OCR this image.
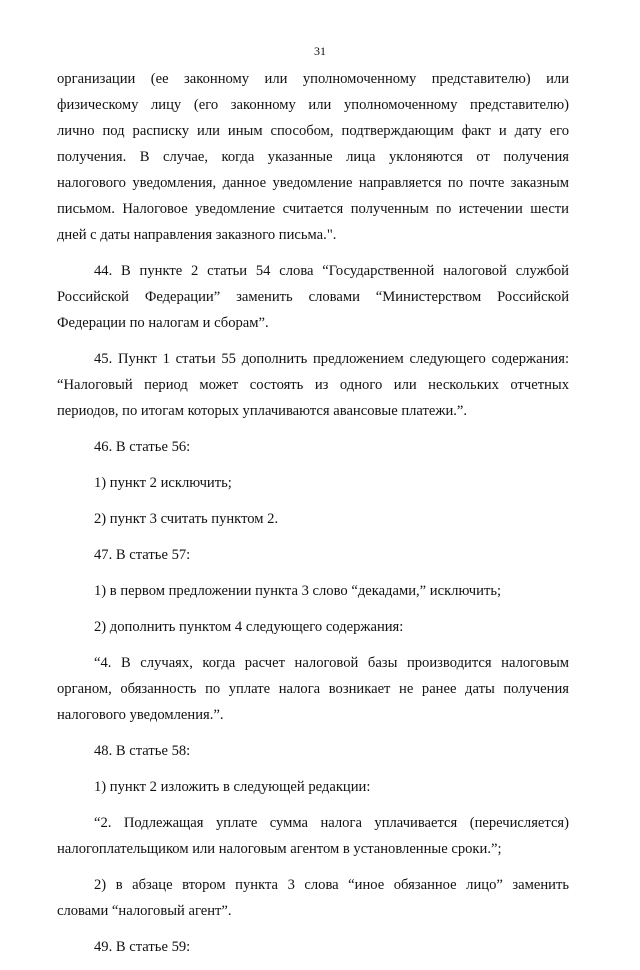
31
организации (ее законному или уполномоченному представителю) или
физическому лицу (его законному или уполномоченному представителю)
лично под расписку или иным способом, подтверждающим факт и дату его
получения. В случае, когда указанные лица уклоняются от получения
налогового уведомления, данное уведомление направляется по почте заказным
письмом. Налоговое уведомление считается полученным по истечении шести
дней с даты направления заказного письма.".
44. В пункте 2 статьи 54 слова “Государственной налоговой службой
Российской Федерации” заменить словами “Министерством Российской
Федерации по налогам и сборам”.
45. Пункт 1 статьи 55 дополнить предложением следующего содержания:
“Налоговый период может состоять из одного или нескольких отчетных
периодов, по итогам которых уплачиваются авансовые платежи.”.
46. В статье 56:
1) пункт 2 исключить;
2) пункт 3 считать пунктом 2.
47. В статье 57:
1) в первом предложении пункта 3 слово “декадами,” исключить;
2) дополнить пунктом 4 следующего содержания:
“4. В случаях, когда расчет налоговой базы производится налоговым
органом, обязанность по уплате налога возникает не ранее даты получения
налогового уведомления.”.
48. В статье 58:
1) пункт 2 изложить в следующей редакции:
“2. Подлежащая уплате сумма налога уплачивается (перечисляется)
налогоплательщиком или налоговым агентом в установленные сроки.”;
2) в абзаце втором пункта 3 слова “иное обязанное лицо” заменить
словами “налоговый агент”.
49. В статье 59:
